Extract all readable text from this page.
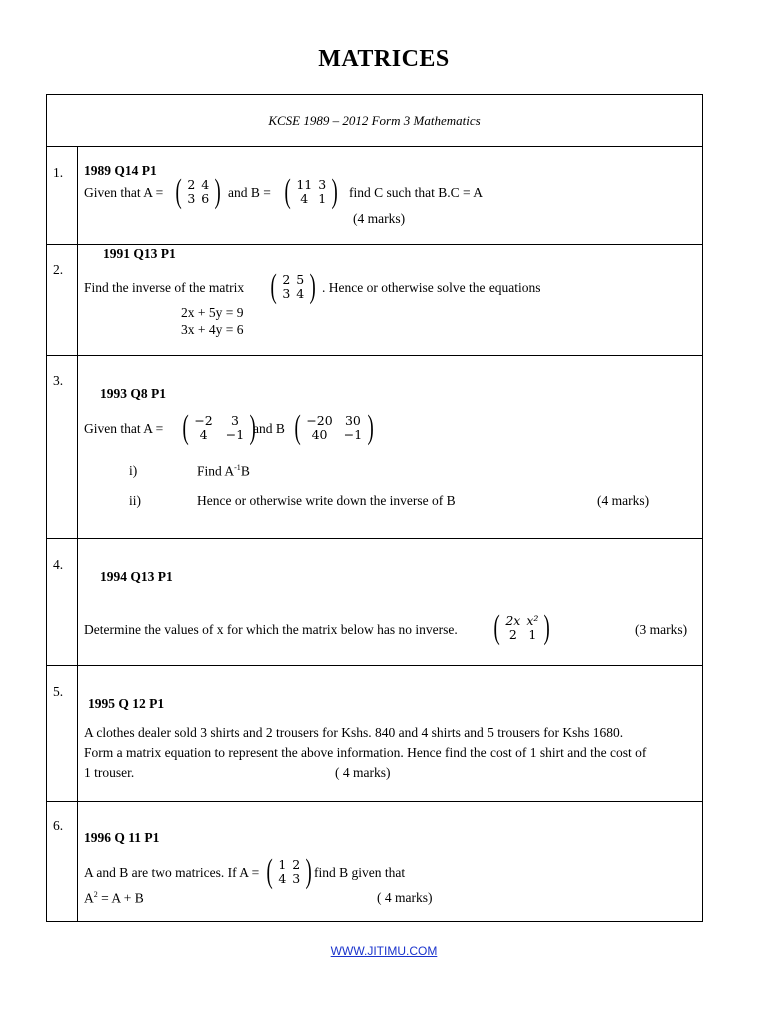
MATRICES
KCSE 1989 – 2012 Form 3 Mathematics
1. 1989 Q14 P1
Given that A = ( 2	4
3	6 ) and B = ( 11	3
4	1 ) find C such that B.C = A
(4 marks)
2.
1991 Q13 P1
Find the inverse of the matrix ( 2	5
3	4 ) . Hence or otherwise solve the equations
2x + 5y = 9
3x + 4y = 6
3.
1993 Q8 P1
Given that A = ( −2	3
4	−1 )
and B ( −20	30
40	−1 )
i)	Find $A^{-1}B$
ii)	Hence or otherwise write down the inverse of B	(4 marks)
4.
1994 Q13 P1
Determine the values of x for which the matrix below has no inverse. ( 2x	x²
2	1 )	(3 marks)
5.
1995 Q 12 P1
A clothes dealer sold 3 shirts and 2 trousers for Kshs. 840 and 4 shirts and 5 trousers for Kshs 1680.
Form a matrix equation to represent the above information. Hence find the cost of 1 shirt and the cost of
1 trouser.	( 4 marks)
6.
1996 Q 11 P1
A and B are two matrices. If A = ( 1	2
4	3 ) find B given that
$A^2 = A + B$	( 4 marks)
WWW.JITIMU.COM
